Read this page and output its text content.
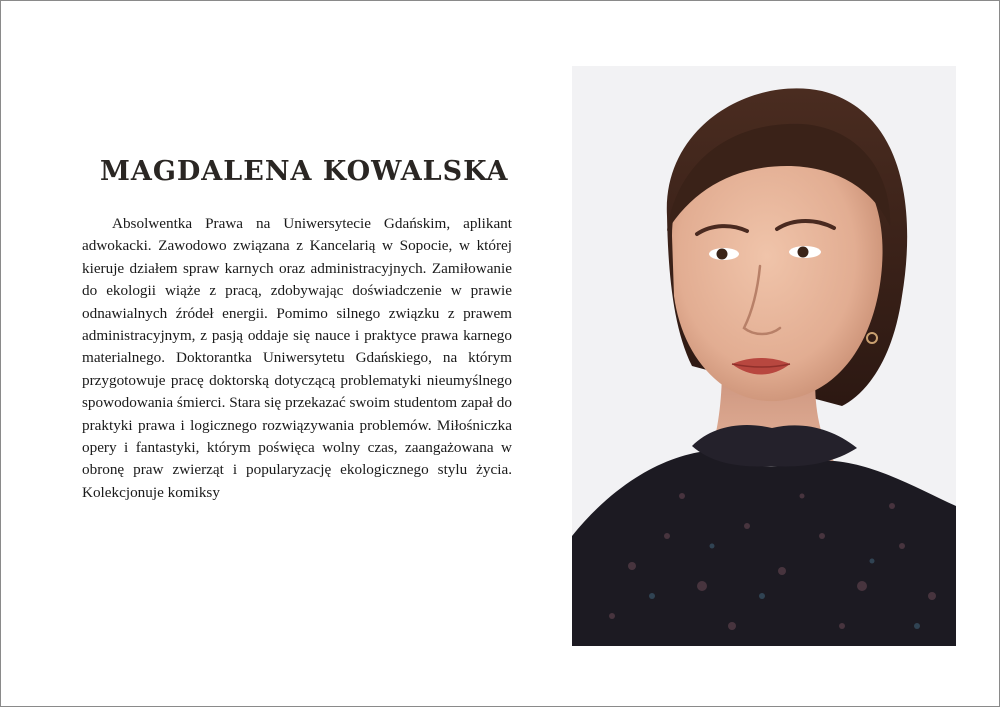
MAGDALENA KOWALSKA

Absolwentka Prawa na Uniwersytecie Gdańskim, aplikant adwokacki. Zawodowo związana z Kancelarią w Sopocie, w której kieruje działem spraw karnych oraz administracyjnych. Zamiłowanie do ekologii wiąże z pracą, zdobywając doświadczenie w prawie odnawialnych źródeł energii. Pomimo silnego związku z prawem administracyjnym, z pasją oddaje się nauce i praktyce prawa karnego materialnego. Doktorantka Uniwersytetu Gdańskiego, na którym przygotowuje pracę doktorską dotyczącą problematyki nieumyślnego spowodowania śmierci. Stara się przekazać swoim studentom zapał do praktyki prawa i logicznego rozwiązywania problemów. Miłośniczka opery i fantastyki, którym poświęca wolny czas, zaangażowana w obronę praw zwierząt i popularyzację ekologicznego stylu życia. Kolekcjonuje komiksy
